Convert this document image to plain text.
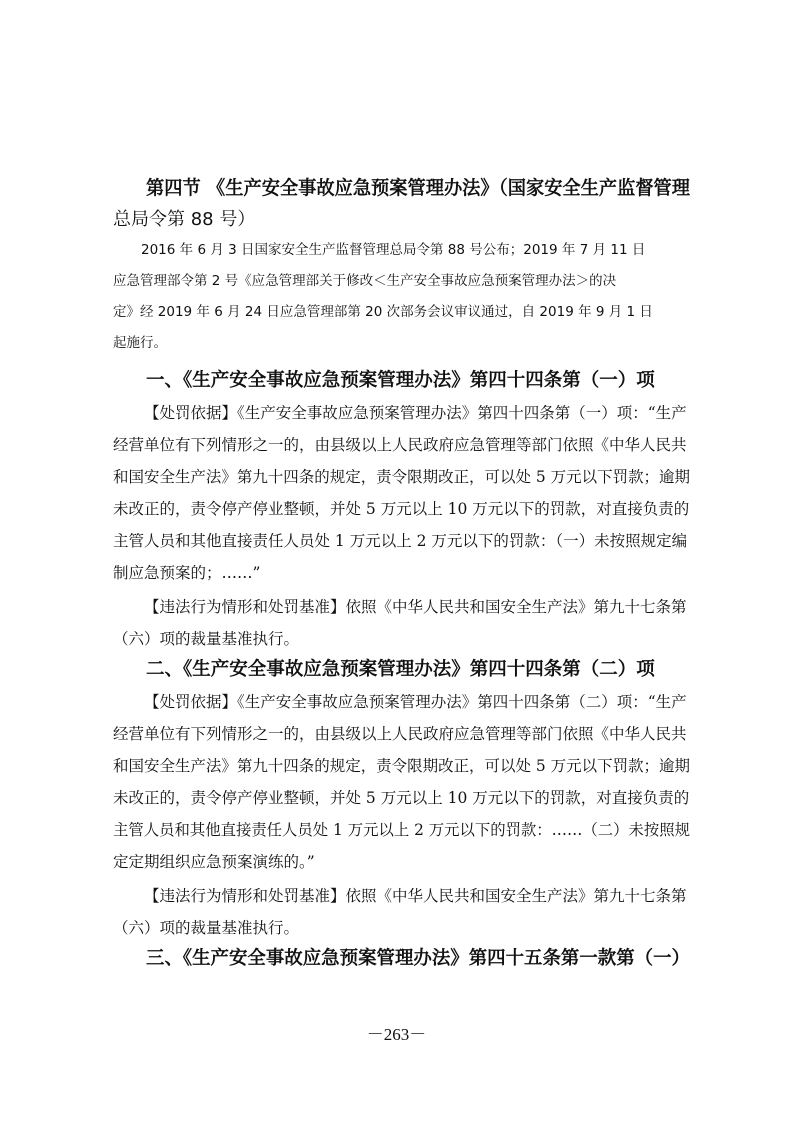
第四节 《生产安全事故应急预案管理办法》（国家安全生产监督管理
总局令第 88 号）
2016 年 6 月 3 日国家安全生产监督管理总局令第 88 号公布；2019 年 7 月 11 日
应急管理部令第 2 号《应急管理部关于修改＜生产安全事故应急预案管理办法＞的决
定》经 2019 年 6 月 24 日应急管理部第 20 次部务会议审议通过，自 2019 年 9 月 1 日
起施行。
一、《生产安全事故应急预案管理办法》第四十四条第（一）项
【处罚依据】《生产安全事故应急预案管理办法》第四十四条第（一）项：“生产
经营单位有下列情形之一的，由县级以上人民政府应急管理等部门依照《中华人民共
和国安全生产法》第九十四条的规定，责令限期改正，可以处 5 万元以下罚款；逾期
未改正的，责令停产停业整顿，并处 5 万元以上 10 万元以下的罚款，对直接负责的
主管人员和其他直接责任人员处 1 万元以上 2 万元以下的罚款：（一）未按照规定编
制应急预案的；……”
【违法行为情形和处罚基准】依照《中华人民共和国安全生产法》第九十七条第
（六）项的裁量基准执行。
二、《生产安全事故应急预案管理办法》第四十四条第（二）项
【处罚依据】《生产安全事故应急预案管理办法》第四十四条第（二）项：“生产
经营单位有下列情形之一的，由县级以上人民政府应急管理等部门依照《中华人民共
和国安全生产法》第九十四条的规定，责令限期改正，可以处 5 万元以下罚款；逾期
未改正的，责令停产停业整顿，并处 5 万元以上 10 万元以下的罚款，对直接负责的
主管人员和其他直接责任人员处 1 万元以上 2 万元以下的罚款：……（二）未按照规
定定期组织应急预案演练的。”
【违法行为情形和处罚基准】依照《中华人民共和国安全生产法》第九十七条第
（六）项的裁量基准执行。
三、《生产安全事故应急预案管理办法》第四十五条第一款第（一）
－263－
